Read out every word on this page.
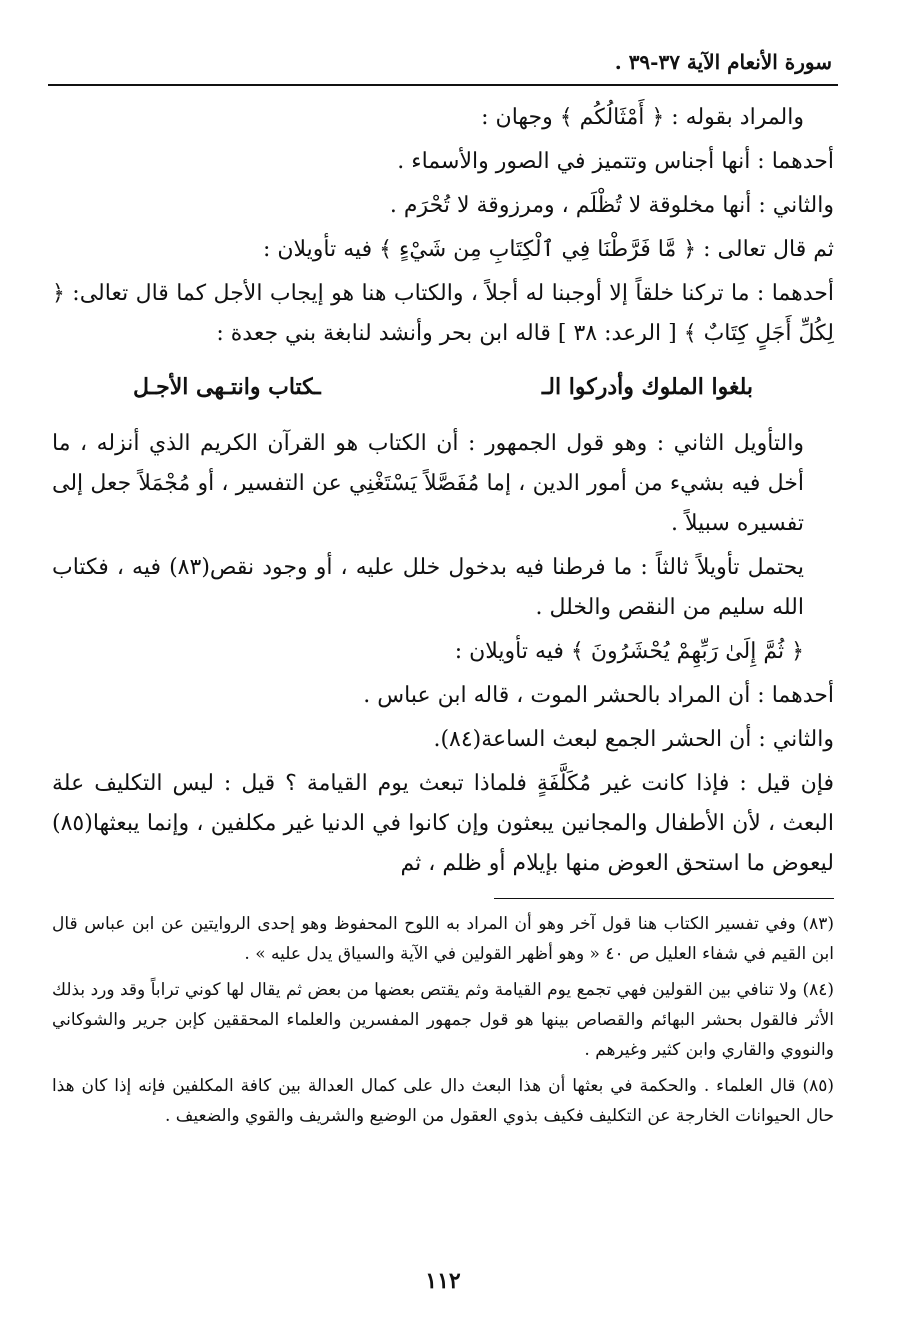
سورة الأنعام الآية ٣٧-٣٩ .

والمراد بقوله : ﴿ أَمْثَالُكُم ﴾ وجهان :

أحدهما : أنها أجناس وتتميز في الصور والأسماء .

والثاني : أنها مخلوقة لا تُظْلَم ، ومرزوقة لا تُحْرَم .

ثم قال تعالى : ﴿ مَّا فَرَّطْنَا فِي ٱلْكِتَابِ مِن شَيْءٍ ﴾ فيه تأويلان :

أحدهما : ما تركنا خلقاً إلا أوجبنا له أجلاً ، والكتاب هنا هو إيجاب الأجل كما قال تعالى: ﴿ لِكُلِّ أَجَلٍ كِتَابٌ ﴾ [ الرعد: ٣٨ ] قاله ابن بحر وأنشد لنابغة بني جعدة :

بلغوا الملوك وأدركوا الــكتاب وانتـهى الأجـل

والتأويل الثاني : وهو قول الجمهور : أن الكتاب هو القرآن الكريم الذي أنزله ، ما أخل فيه بشيء من أمور الدين ، إما مُفَصَّلاً يَسْتَغْنِي عن التفسير ، أو مُجْمَلاً جعل إلى تفسيره سبيلاً .

يحتمل تأويلاً ثالثاً : ما فرطنا فيه بدخول خلل عليه ، أو وجود نقص(٨٣) فيه ، فكتاب الله سليم من النقص والخلل .

﴿ ثُمَّ إِلَىٰ رَبِّهِمْ يُحْشَرُونَ ﴾ فيه تأويلان :

أحدهما : أن المراد بالحشر الموت ، قاله ابن عباس .

والثاني : أن الحشر الجمع لبعث الساعة(٨٤).

فإن قيل : فإذا كانت غير مُكَلَّفَةٍ فلماذا تبعث يوم القيامة ؟ قيل : ليس التكليف علة البعث ، لأن الأطفال والمجانين يبعثون وإن كانوا في الدنيا غير مكلفين ، وإنما يبعثها(٨٥) ليعوض ما استحق العوض منها بإيلام أو ظلم ، ثم

(٨٣) وفي تفسير الكتاب هنا قول آخر وهو أن المراد به اللوح المحفوظ وهو إحدى الروايتين عن ابن عباس قال ابن القيم في شفاء العليل ص ٤٠ « وهو أظهر القولين في الآية والسياق يدل عليه » .

(٨٤) ولا تنافي بين القولين فهي تجمع يوم القيامة وثم يقتص بعضها من بعض ثم يقال لها كوني تراباً وقد ورد بذلك الأثر فالقول بحشر البهائم والقصاص بينها هو قول جمهور المفسرين والعلماء المحققين كإبن جرير والشوكاني والنووي والقاري وابن كثير وغيرهم .

(٨٥) قال العلماء . والحكمة في بعثها أن هذا البعث دال على كمال العدالة بين كافة المكلفين فإنه إذا كان هذا حال الحيوانات الخارجة عن التكليف فكيف بذوي العقول من الوضيع والشريف والقوي والضعيف .

١١٢
